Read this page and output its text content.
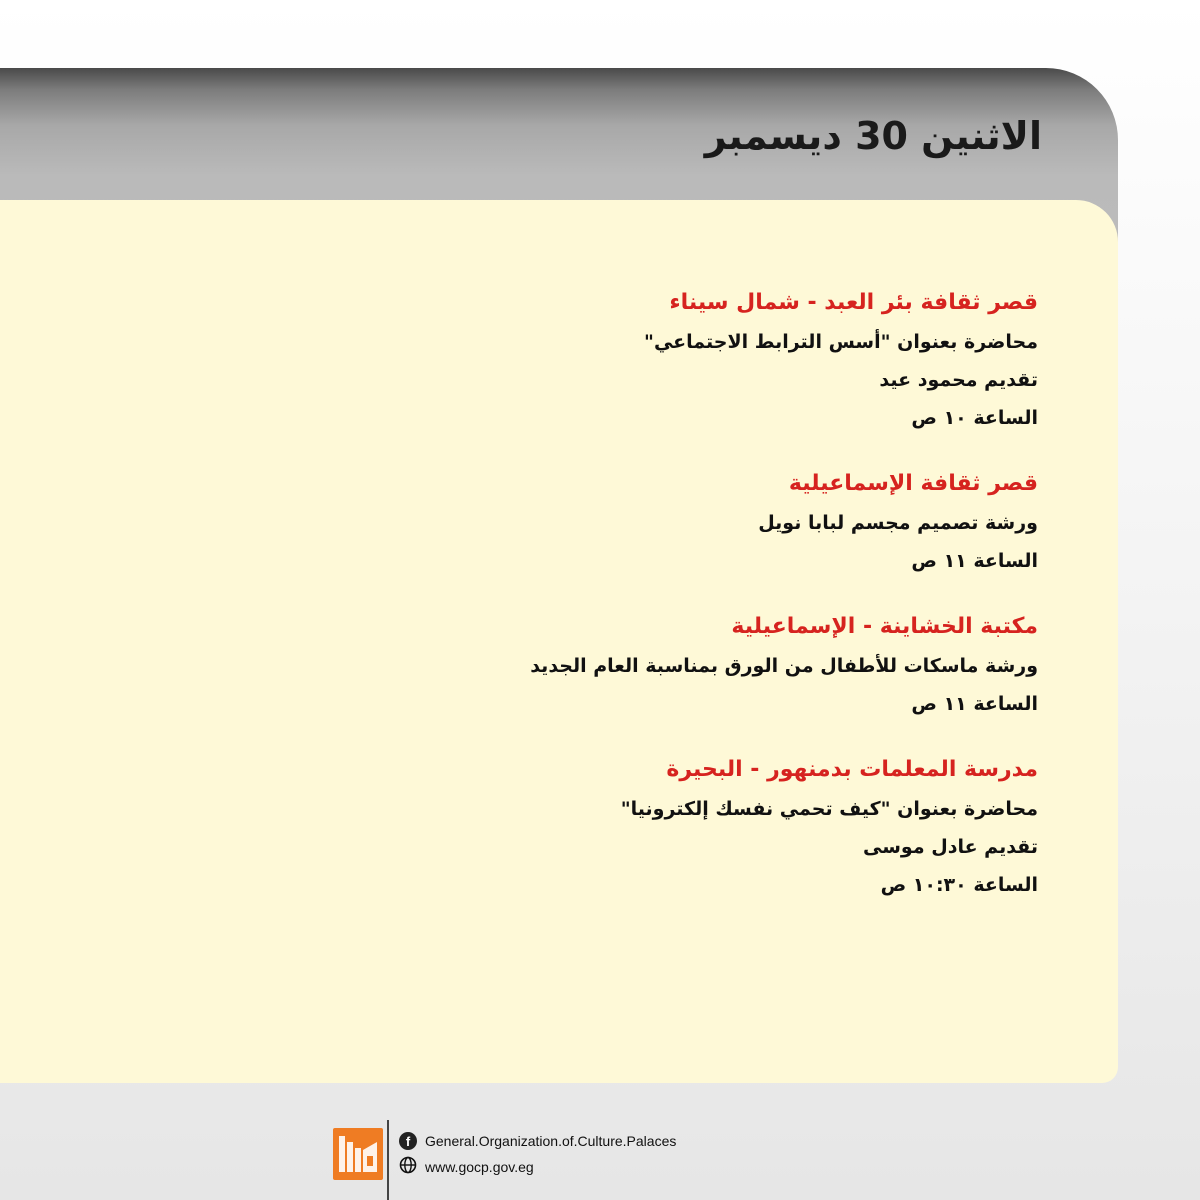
الاثنين 30 ديسمبر
قصر ثقافة بئر العبد - شمال سيناء
محاضرة بعنوان "أسس الترابط الاجتماعي"
تقديم محمود عيد
الساعة ١٠ ص
قصر ثقافة الإسماعيلية
ورشة تصميم مجسم لبابا نويل
الساعة ١١ ص
مكتبة الخشاينة - الإسماعيلية
ورشة ماسكات للأطفال من الورق بمناسبة العام الجديد
الساعة ١١ ص
مدرسة المعلمات بدمنهور - البحيرة
محاضرة بعنوان "كيف تحمي نفسك إلكترونيا"
تقديم عادل موسى
الساعة ١٠:٣٠ ص
f	General.Organization.of.Culture.Palaces
www.gocp.gov.eg
